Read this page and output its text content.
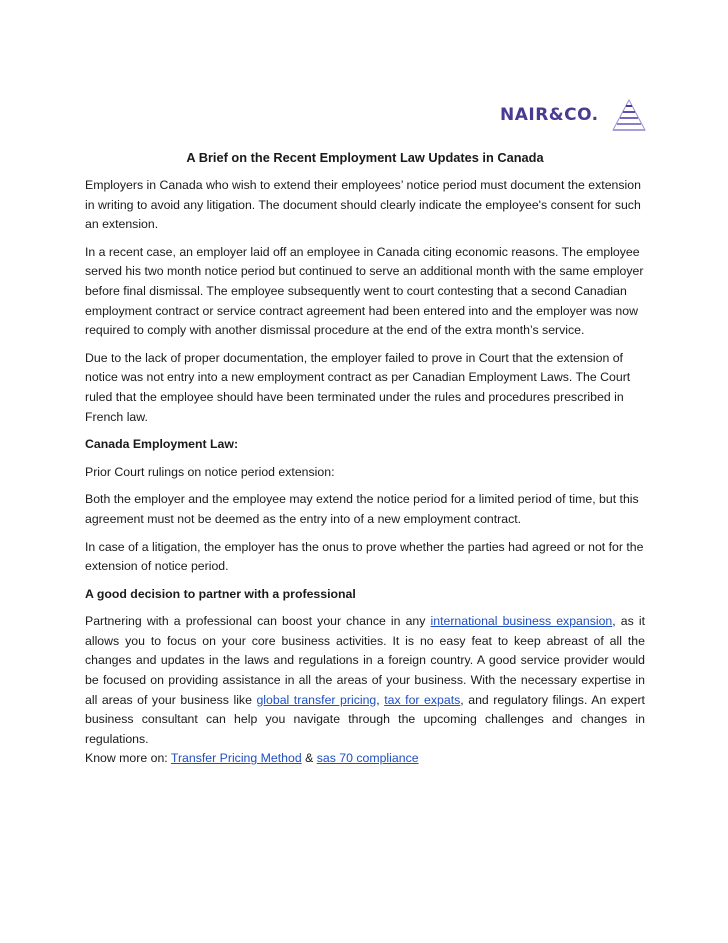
NAIR&CO.
A Brief on the Recent Employment Law Updates in Canada

Employers in Canada who wish to extend their employees’ notice period must document the extension in writing to avoid any litigation. The document should clearly indicate the employee's consent for such an extension.

In a recent case, an employer laid off an employee in Canada citing economic reasons. The employee served his two month notice period but continued to serve an additional month with the same employer before final dismissal. The employee subsequently went to court contesting that a second Canadian employment contract or service contract agreement had been entered into and the employer was now required to comply with another dismissal procedure at the end of the extra month’s service.

Due to the lack of proper documentation, the employer failed to prove in Court that the extension of notice was not entry into a new employment contract as per Canadian Employment Laws. The Court ruled that the employee should have been terminated under the rules and procedures prescribed in French law.

Canada Employment Law:

Prior Court rulings on notice period extension:

Both the employer and the employee may extend the notice period for a limited period of time, but this agreement must not be deemed as the entry into of a new employment contract.

In case of a litigation, the employer has the onus to prove whether the parties had agreed or not for the extension of notice period.

A good decision to partner with a professional

Partnering with a professional can boost your chance in any international business expansion, as it allows you to focus on your core business activities. It is no easy feat to keep abreast of all the changes and updates in the laws and regulations in a foreign country. A good service provider would be focused on providing assistance in all the areas of your business. With the necessary expertise in all areas of your business like global transfer pricing, tax for expats, and regulatory filings. An expert business consultant can help you navigate through the upcoming challenges and changes in regulations.

Know more on: Transfer Pricing Method & sas 70 compliance
